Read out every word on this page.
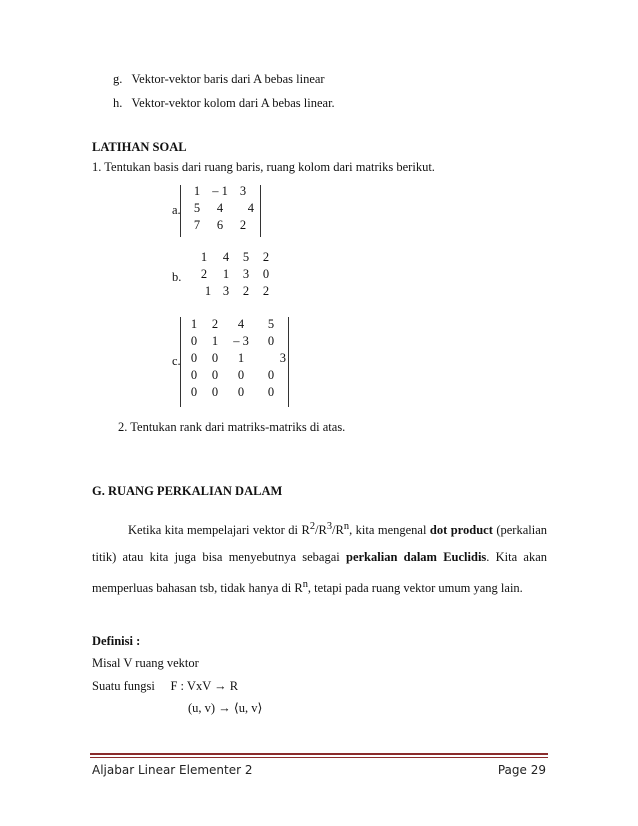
g. Vektor-vektor baris dari A bebas linear
h. Vektor-vektor kolom dari A bebas linear.
LATIHAN SOAL
1. Tentukan basis dari ruang baris, ruang kolom dari matriks berikut.
a.
1	– 1	3
5	4	4
7	6	2
b.
1	4	5	2
2	1	3	0
1	3	2	2
c.
1	2	4	5
0	1	– 3	0
0	0	1	3
0	0	0	0
0	0	0	0
2. Tentukan rank dari matriks-matriks di atas.
G. RUANG PERKALIAN DALAM
Ketika kita mempelajari vektor di $R^2/R^3/R^n$, kita mengenal dot product (perkalian titik) atau kita juga bisa menyebutnya sebagai perkalian dalam Euclidis. Kita akan memperluas bahasan tsb, tidak hanya di $R^n$, tetapi pada ruang vektor umum yang lain.
Definisi :
Misal V ruang vektor
Suatu fungsi     F : VxV → R
(u, v) → ⟨u, v⟩
Aljabar Linear Elementer 2	Page 29
